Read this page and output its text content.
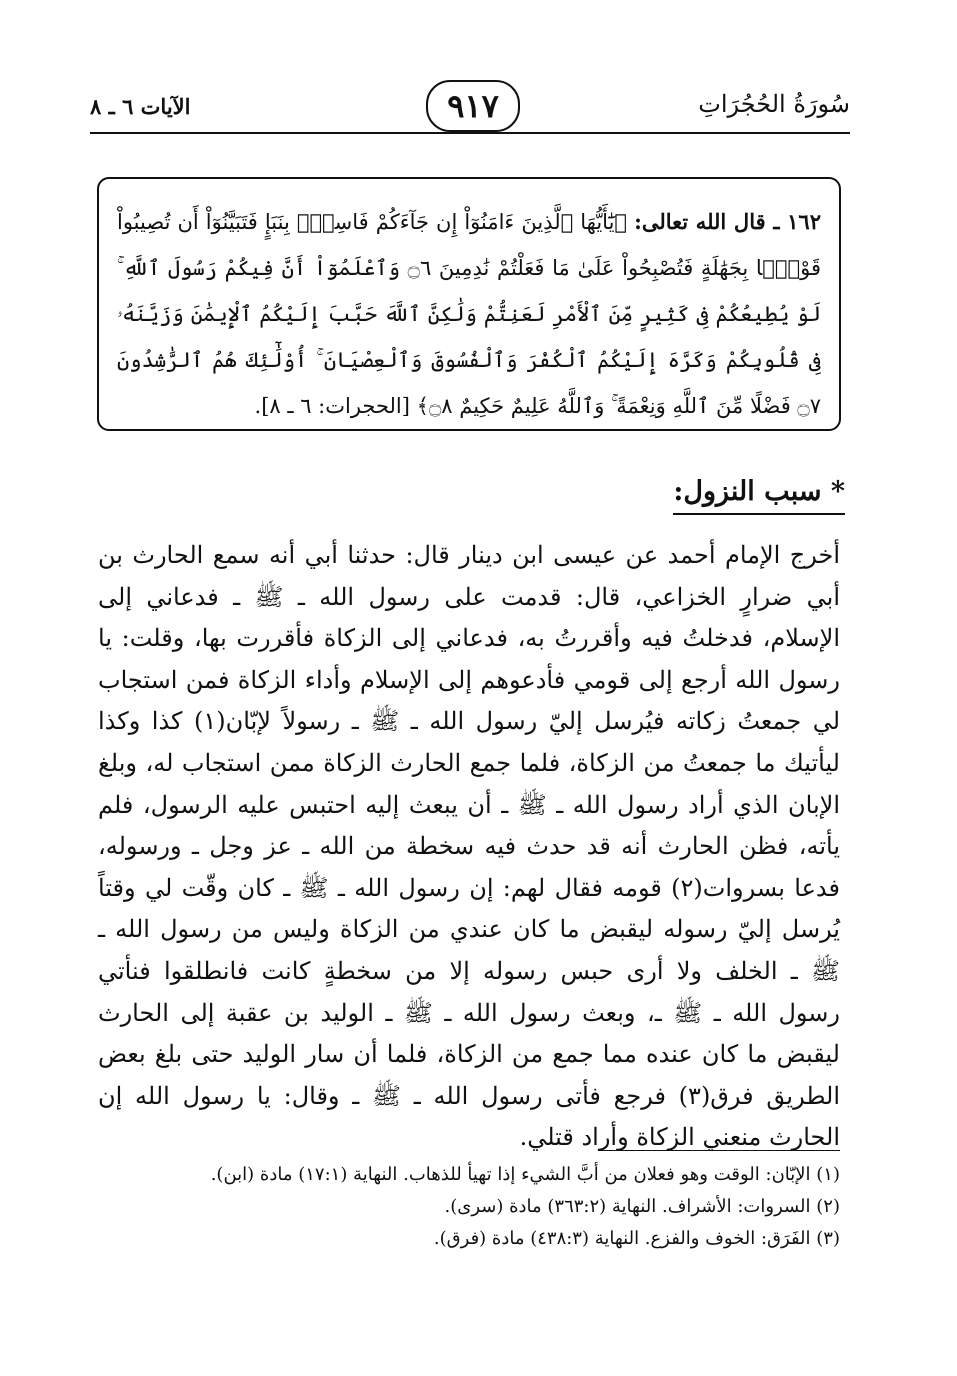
الآيات ٦ ـ ٨	٩١٧	سُورَةُ الحُجُرَاتِ

١٦٢ ـ قال الله تعالى: ﴿يَٰٓأَيُّهَا ٱلَّذِينَ ءَامَنُوٓاْ إِن جَآءَكُمْ فَاسِقٌۢ بِنَبَإٍ فَتَبَيَّنُوٓاْ أَن تُصِيبُواْ قَوْمًۢا بِجَهَٰلَةٍ فَتُصْبِحُواْ عَلَىٰ مَا فَعَلْتُمْ نَٰدِمِينَ ۝٦ وَٱعْلَمُوٓاْ أَنَّ فِيكُمْ رَسُولَ ٱللَّهِ ۚ لَوْ يُطِيعُكُمْ فِى كَثِيرٍ مِّنَ ٱلْأَمْرِ لَعَنِتُّمْ وَلَٰكِنَّ ٱللَّهَ حَبَّبَ إِلَيْكُمُ ٱلْإِيمَٰنَ وَزَيَّنَهُۥ فِى قُلُوبِكُمْ وَكَرَّهَ إِلَيْكُمُ ٱلْكُفْرَ وَٱلْفُسُوقَ وَٱلْعِصْيَانَ ۚ أُوْلَٰٓئِكَ هُمُ ٱلرَّٰشِدُونَ ۝٧ فَضْلًا مِّنَ ٱللَّهِ وَنِعْمَةً ۚ وَٱللَّهُ عَلِيمٌ حَكِيمٌ ۝٨﴾ [الحجرات: ٦ ـ ٨].

* سبب النزول:

أخرج الإمام أحمد عن عيسى ابن دينار قال: حدثنا أبي أنه سمع الحارث بن أبي ضرارٍ الخزاعي، قال: قدمت على رسول الله ـ ﷺ ـ فدعاني إلى الإسلام، فدخلتُ فيه وأقررتُ به، فدعاني إلى الزكاة فأقررت بها، وقلت: يا رسول الله أرجع إلى قومي فأدعوهم إلى الإسلام وأداء الزكاة فمن استجاب لي جمعتُ زكاته فيُرسل إليّ رسول الله ـ ﷺ ـ رسولاً لإبّان(١) كذا وكذا ليأتيك ما جمعتُ من الزكاة، فلما جمع الحارث الزكاة ممن استجاب له، وبلغ الإبان الذي أراد رسول الله ـ ﷺ ـ أن يبعث إليه احتبس عليه الرسول، فلم يأته، فظن الحارث أنه قد حدث فيه سخطة من الله ـ عز وجل ـ ورسوله، فدعا بسروات(٢) قومه فقال لهم: إن رسول الله ـ ﷺ ـ كان وقّت لي وقتاً يُرسل إليّ رسوله ليقبض ما كان عندي من الزكاة وليس من رسول الله ـ ﷺ ـ الخلف ولا أرى حبس رسوله إلا من سخطةٍ كانت فانطلقوا فنأتي رسول الله ـ ﷺ ـ، وبعث رسول الله ـ ﷺ ـ الوليد بن عقبة إلى الحارث ليقبض ما كان عنده مما جمع من الزكاة، فلما أن سار الوليد حتى بلغ بعض الطريق فرق(٣) فرجع فأتى رسول الله ـ ﷺ ـ وقال: يا رسول الله إن الحارث منعني الزكاة وأراد قتلي.

(١) الإبّان: الوقت وهو فعلان من أبَّ الشيء إذا تهيأ للذهاب. النهاية (١٧:١) مادة (ابن).

(٢) السروات: الأشراف. النهاية (٣٦٣:٢) مادة (سرى).

(٣) الفَرَق: الخوف والفزع. النهاية (٤٣٨:٣) مادة (فرق).
